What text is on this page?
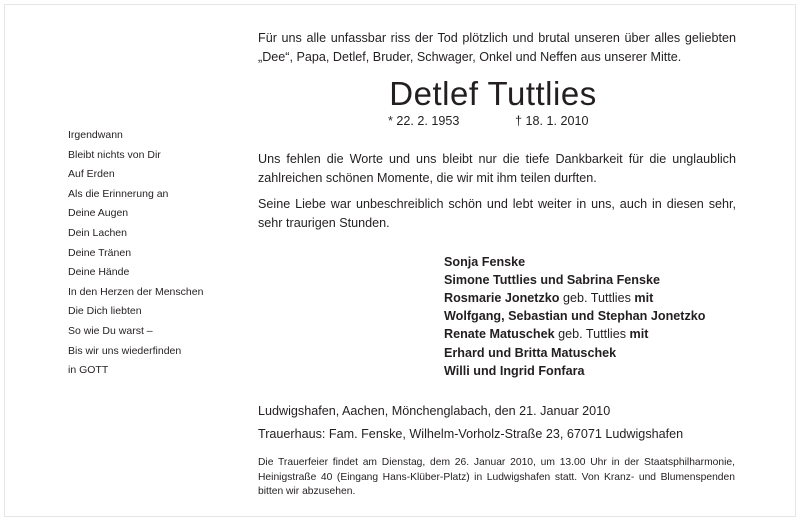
Irgendwann
Bleibt nichts von Dir
Auf Erden
Als die Erinnerung an
Deine Augen
Dein Lachen
Deine Tränen
Deine Hände
In den Herzen der Menschen
Die Dich liebten
So wie Du warst –
Bis wir uns wiederfinden
in GOTT

Für uns alle unfassbar riss der Tod plötzlich und brutal unseren über alles geliebten „Dee“, Papa, Detlef, Bruder, Schwager, Onkel und Neffen aus unserer Mitte.

Detlef Tuttlies
* 22. 2. 1953	† 18. 1. 2010

Uns fehlen die Worte und uns bleibt nur die tiefe Dankbarkeit für die unglaublich zahlreichen schönen Momente, die wir mit ihm teilen durften.

Seine Liebe war unbeschreiblich schön und lebt weiter in uns, auch in diesen sehr, sehr traurigen Stunden.

Sonja Fenske
Simone Tuttlies und Sabrina Fenske
Rosmarie Jonetzko geb. Tuttlies mit
Wolfgang, Sebastian und Stephan Jonetzko
Renate Matuschek geb. Tuttlies mit
Erhard und Britta Matuschek
Willi und Ingrid Fonfara
Ludwigshafen, Aachen, Mönchenglabach, den 21. Januar 2010
Trauerhaus: Fam. Fenske, Wilhelm-Vorholz-Straße 23, 67071 Ludwigshafen

Die Trauerfeier findet am Dienstag, dem 26. Januar 2010, um 13.00 Uhr in der Staatsphilharmonie, Heinigstraße 40 (Eingang Hans-Klüber-Platz) in Ludwigshafen statt. Von Kranz- und Blumenspenden bitten wir abzusehen.
